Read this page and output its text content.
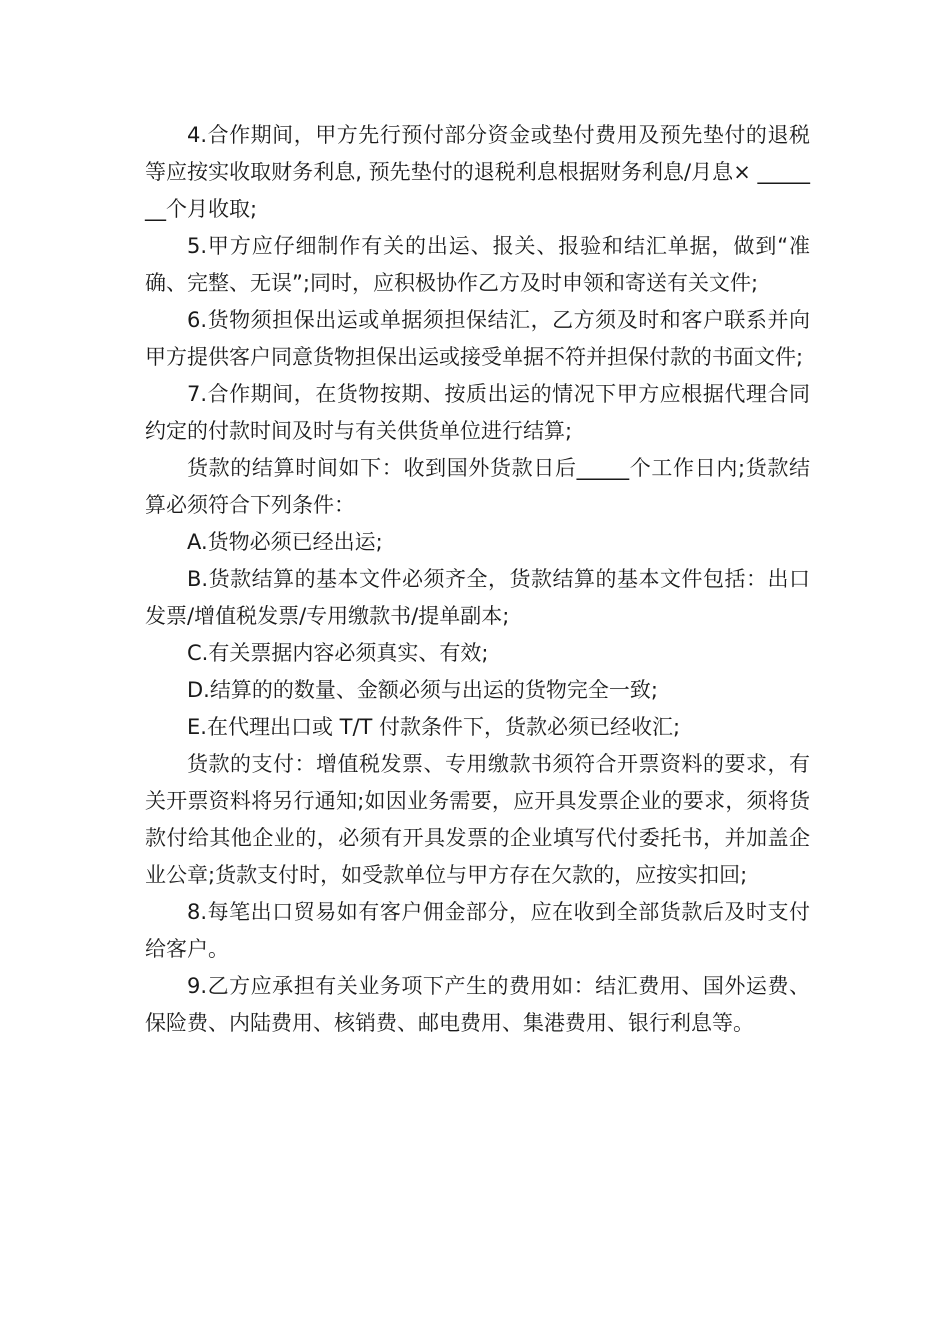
4.合作期间，甲方先行预付部分资金或垫付费用及预先垫付的退税等应按实收取财务利息, 预先垫付的退税利息根据财务利息/月息× _______个月收取;

5.甲方应仔细制作有关的出运、报关、报验和结汇单据，做到“准确、完整、无误”;同时，应积极协作乙方及时申领和寄送有关文件;

6.货物须担保出运或单据须担保结汇，乙方须及时和客户联系并向甲方提供客户同意货物担保出运或接受单据不符并担保付款的书面文件;

7.合作期间，在货物按期、按质出运的情况下甲方应根据代理合同约定的付款时间及时与有关供货单位进行结算;

货款的结算时间如下：收到国外货款日后_____个工作日内;货款结算必须符合下列条件：

A.货物必须已经出运;

B.货款结算的基本文件必须齐全，货款结算的基本文件包括：出口发票/增值税发票/专用缴款书/提单副本;

C.有关票据内容必须真实、有效;

D.结算的的数量、金额必须与出运的货物完全一致;

E.在代理出口或 T/T 付款条件下，货款必须已经收汇;

货款的支付：增值税发票、专用缴款书须符合开票资料的要求，有关开票资料将另行通知;如因业务需要，应开具发票企业的要求，须将货款付给其他企业的，必须有开具发票的企业填写代付委托书，并加盖企业公章;货款支付时，如受款单位与甲方存在欠款的，应按实扣回;

8.每笔出口贸易如有客户佣金部分，应在收到全部货款后及时支付给客户。

9.乙方应承担有关业务项下产生的费用如：结汇费用、国外运费、保险费、内陆费用、核销费、邮电费用、集港费用、银行利息等。
